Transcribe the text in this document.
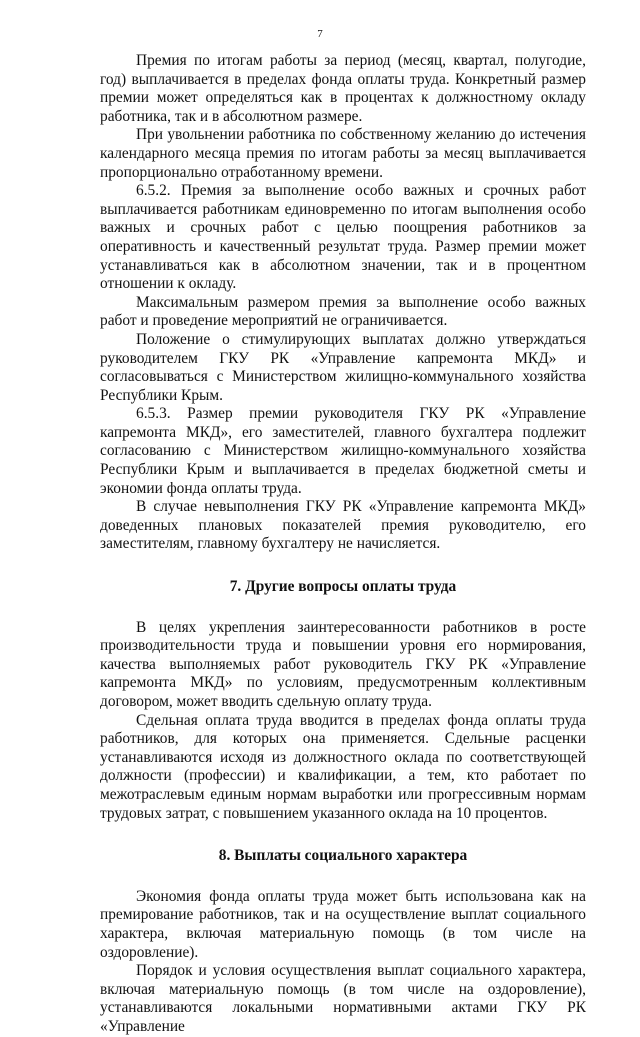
7

Премия по итогам работы за период (месяц, квартал, полугодие, год) выплачивается в пределах фонда оплаты труда. Конкретный размер премии может определяться как в процентах к должностному окладу работника, так и в абсолютном размере.

При увольнении работника по собственному желанию до истечения календарного месяца премия по итогам работы за месяц выплачивается пропорционально отработанному времени.

6.5.2. Премия за выполнение особо важных и срочных работ выплачивается работникам единовременно по итогам выполнения особо важных и срочных работ с целью поощрения работников за оперативность и качественный результат труда. Размер премии может устанавливаться как в абсолютном значении, так и в процентном отношении к окладу.

Максимальным размером премия за выполнение особо важных работ и проведение мероприятий не ограничивается.

Положение о стимулирующих выплатах должно утверждаться руководителем ГКУ РК «Управление капремонта МКД» и согласовываться с Министерством жилищно-коммунального хозяйства Республики Крым.

6.5.3. Размер премии руководителя ГКУ РК «Управление капремонта МКД», его заместителей, главного бухгалтера подлежит согласованию с Министерством жилищно-коммунального хозяйства Республики Крым и выплачивается в пределах бюджетной сметы и экономии фонда оплаты труда.

В случае невыполнения ГКУ РК «Управление капремонта МКД» доведенных плановых показателей премия руководителю, его заместителям, главному бухгалтеру не начисляется.

7. Другие вопросы оплаты труда

В целях укрепления заинтересованности работников в росте производительности труда и повышении уровня его нормирования, качества выполняемых работ руководитель ГКУ РК «Управление капремонта МКД» по условиям, предусмотренным коллективным договором, может вводить сдельную оплату труда.

Сдельная оплата труда вводится в пределах фонда оплаты труда работников, для которых она применяется. Сдельные расценки устанавливаются исходя из должностного оклада по соответствующей должности (профессии) и квалификации, а тем, кто работает по межотраслевым единым нормам выработки или прогрессивным нормам трудовых затрат, с повышением указанного оклада на 10 процентов.

8. Выплаты социального характера

Экономия фонда оплаты труда может быть использована как на премирование работников, так и на осуществление выплат социального характера, включая материальную помощь (в том числе на оздоровление).

Порядок и условия осуществления выплат социального характера, включая материальную помощь (в том числе на оздоровление), устанавливаются локальными нормативными актами ГКУ РК «Управление
